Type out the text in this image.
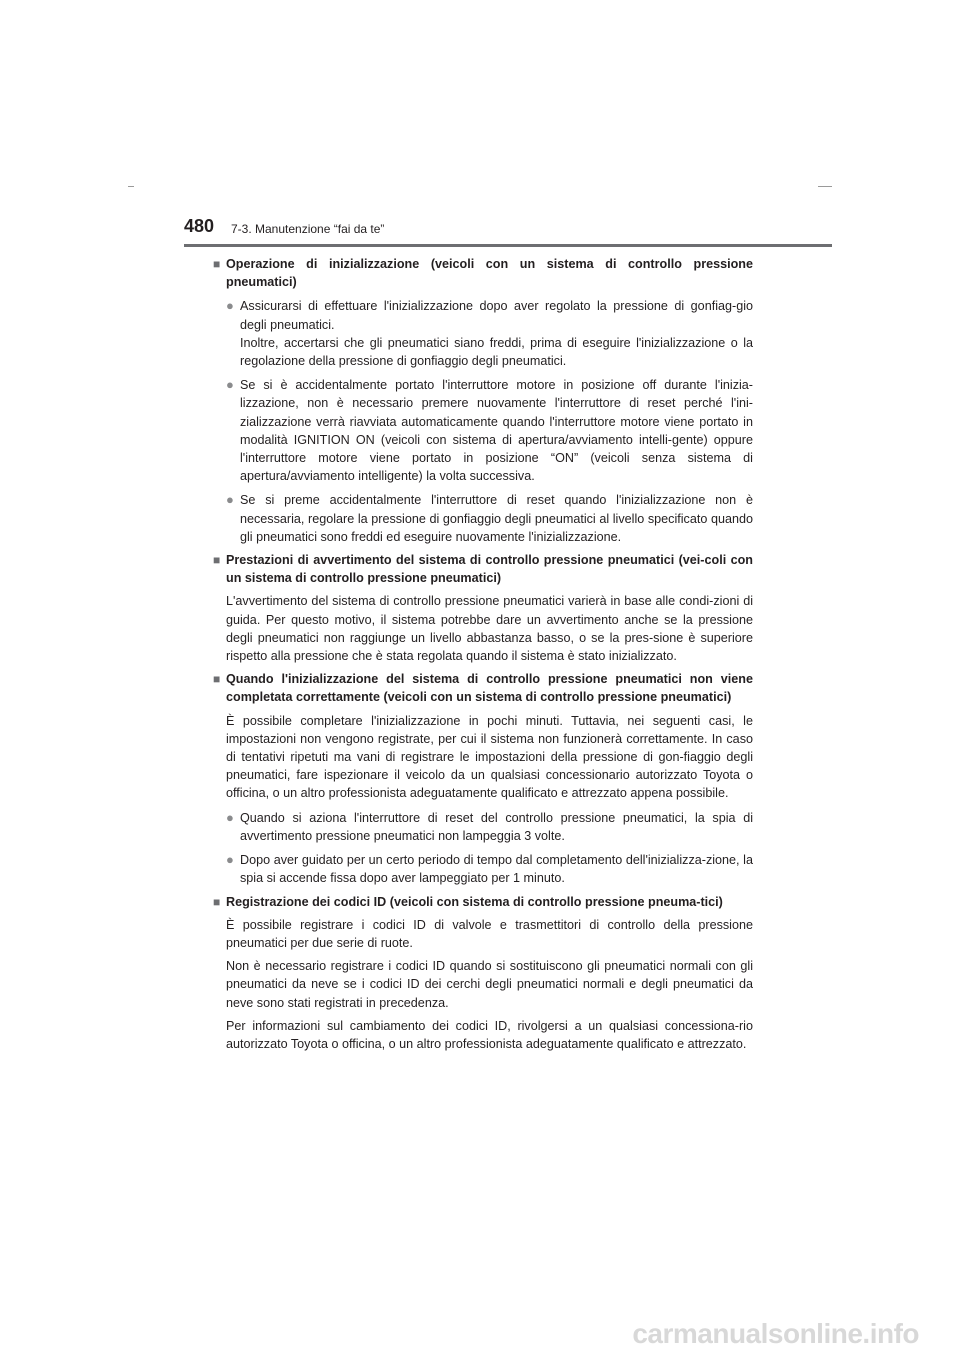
480 7-3. Manutenzione “fai da te”
■ Operazione di inizializzazione (veicoli con un sistema di controllo pressione pneumatici)
● Assicurarsi di effettuare l'inizializzazione dopo aver regolato la pressione di gonfiag-gio degli pneumatici.
Inoltre, accertarsi che gli pneumatici siano freddi, prima di eseguire l'inizializzazione o la regolazione della pressione di gonfiaggio degli pneumatici.
● Se si è accidentalmente portato l'interruttore motore in posizione off durante l'inizia-lizzazione, non è necessario premere nuovamente l'interruttore di reset perché l'ini-zializzazione verrà riavviata automaticamente quando l'interruttore motore viene portato in modalità IGNITION ON (veicoli con sistema di apertura/avviamento intelli-gente) oppure l'interruttore motore viene portato in posizione “ON” (veicoli senza sistema di apertura/avviamento intelligente) la volta successiva.
● Se si preme accidentalmente l'interruttore di reset quando l'inizializzazione non è necessaria, regolare la pressione di gonfiaggio degli pneumatici al livello specificato quando gli pneumatici sono freddi ed eseguire nuovamente l'inizializzazione.
■ Prestazioni di avvertimento del sistema di controllo pressione pneumatici (vei-coli con un sistema di controllo pressione pneumatici)
L'avvertimento del sistema di controllo pressione pneumatici varierà in base alle condi-zioni di guida. Per questo motivo, il sistema potrebbe dare un avvertimento anche se la pressione degli pneumatici non raggiunge un livello abbastanza basso, o se la pres-sione è superiore rispetto alla pressione che è stata regolata quando il sistema è stato inizializzato.
■ Quando l'inizializzazione del sistema di controllo pressione pneumatici non viene completata correttamente (veicoli con un sistema di controllo pressione pneumatici)
È possibile completare l'inizializzazione in pochi minuti. Tuttavia, nei seguenti casi, le impostazioni non vengono registrate, per cui il sistema non funzionerà correttamente. In caso di tentativi ripetuti ma vani di registrare le impostazioni della pressione di gon-fiaggio degli pneumatici, fare ispezionare il veicolo da un qualsiasi concessionario autorizzato Toyota o officina, o un altro professionista adeguatamente qualificato e attrezzato appena possibile.
● Quando si aziona l'interruttore di reset del controllo pressione pneumatici, la spia di avvertimento pressione pneumatici non lampeggia 3 volte.
● Dopo aver guidato per un certo periodo di tempo dal completamento dell'inizializza-zione, la spia si accende fissa dopo aver lampeggiato per 1 minuto.
■ Registrazione dei codici ID (veicoli con sistema di controllo pressione pneuma-tici)
È possibile registrare i codici ID di valvole e trasmettitori di controllo della pressione pneumatici per due serie di ruote.
Non è necessario registrare i codici ID quando si sostituiscono gli pneumatici normali con gli pneumatici da neve se i codici ID dei cerchi degli pneumatici normali e degli pneumatici da neve sono stati registrati in precedenza.
Per informazioni sul cambiamento dei codici ID, rivolgersi a un qualsiasi concessiona-rio autorizzato Toyota o officina, o un altro professionista adeguatamente qualificato e attrezzato.
carmanualsonline.info
